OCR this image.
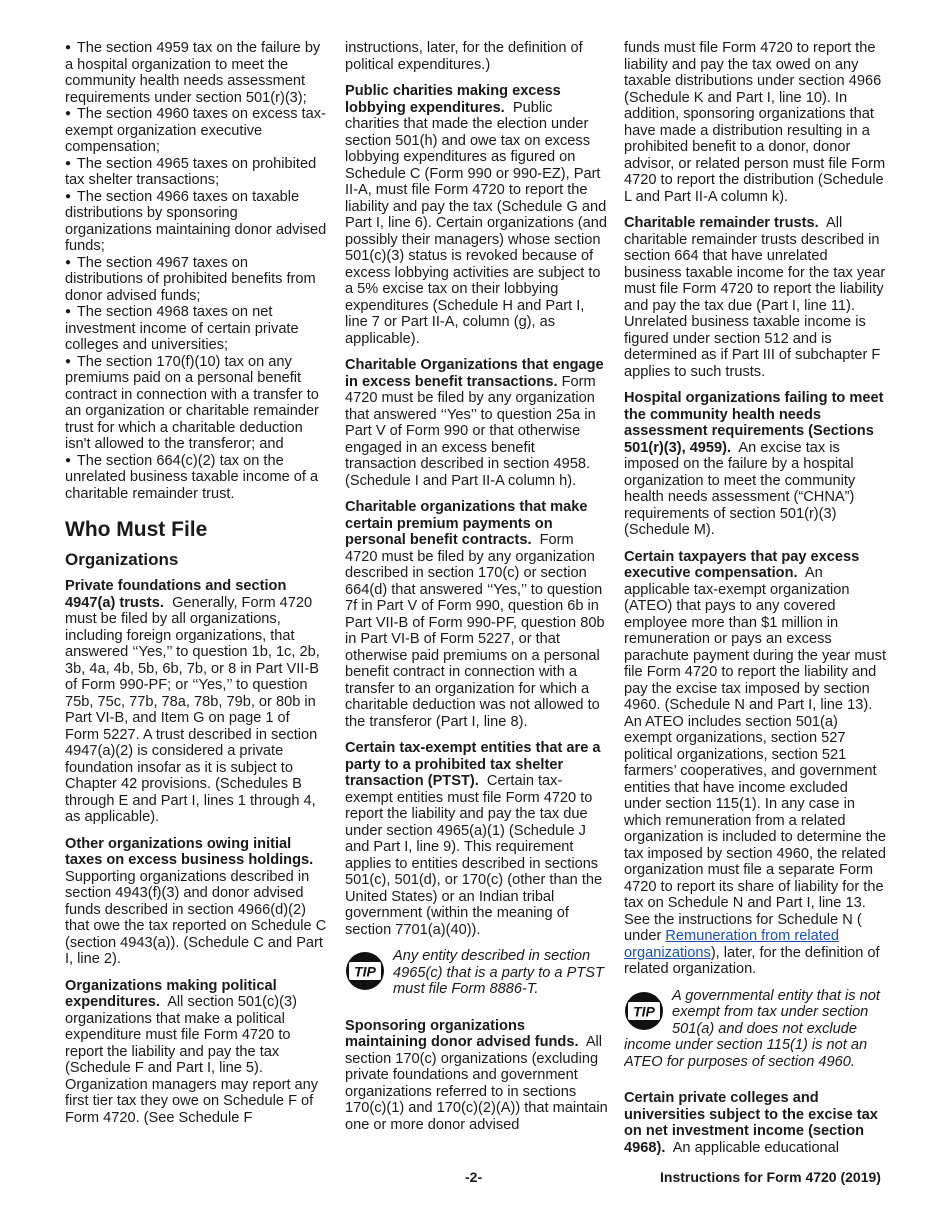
● The section 4959 tax on the failure by a hospital organization to meet the community health needs assessment requirements under section 501(r)(3);

● The section 4960 taxes on excess tax-exempt organization executive compensation;

● The section 4965 taxes on prohibited tax shelter transactions;

● The section 4966 taxes on taxable distributions by sponsoring organizations maintaining donor advised funds;

● The section 4967 taxes on distributions of prohibited benefits from donor advised funds;

● The section 4968 taxes on net investment income of certain private colleges and universities;

● The section 170(f)(10) tax on any premiums paid on a personal benefit contract in connection with a transfer to an organization or charitable remainder trust for which a charitable deduction isn't allowed to the transferor; and

● The section 664(c)(2) tax on the unrelated business taxable income of a charitable remainder trust.

Who Must File
Organizations

Private foundations and section 4947(a) trusts. Generally, Form 4720 must be filed by all organizations, including foreign organizations, that answered ‘‘Yes,’’ to question 1b, 1c, 2b, 3b, 4a, 4b, 5b, 6b, 7b, or 8 in Part VII-B of Form 990-PF; or ‘‘Yes,’’ to question 75b, 75c, 77b, 78a, 78b, 79b, or 80b in Part VI-B, and Item G on page 1 of Form 5227. A trust described in section 4947(a)(2) is considered a private foundation insofar as it is subject to Chapter 42 provisions. (Schedules B through E and Part I, lines 1 through 4, as applicable).

Other organizations owing initial taxes on excess business holdings. Supporting organizations described in section 4943(f)(3) and donor advised funds described in section 4966(d)(2) that owe the tax reported on Schedule C (section 4943(a)). (Schedule C and Part I, line 2).

Organizations making political expenditures. All section 501(c)(3) organizations that make a political expenditure must file Form 4720 to report the liability and pay the tax (Schedule F and Part I, line 5). Organization managers may report any first tier tax they owe on Schedule F of Form 4720. (See Schedule F

instructions, later, for the definition of political expenditures.)

Public charities making excess lobbying expenditures. Public charities that made the election under section 501(h) and owe tax on excess lobbying expenditures as figured on Schedule C (Form 990 or 990-EZ), Part II-A, must file Form 4720 to report the liability and pay the tax (Schedule G and Part I, line 6). Certain organizations (and possibly their managers) whose section 501(c)(3) status is revoked because of excess lobbying activities are subject to a 5% excise tax on their lobbying expenditures (Schedule H and Part I, line 7 or Part II-A, column (g), as applicable).

Charitable Organizations that engage in excess benefit transactions. Form 4720 must be filed by any organization that answered ‘‘Yes’’ to question 25a in Part V of Form 990 or that otherwise engaged in an excess benefit transaction described in section 4958. (Schedule I and Part II-A column h).

Charitable organizations that make certain premium payments on personal benefit contracts. Form 4720 must be filed by any organization described in section 170(c) or section 664(d) that answered ‘‘Yes,’’ to question 7f in Part V of Form 990, question 6b in Part VII-B of Form 990-PF, question 80b in Part VI-B of Form 5227, or that otherwise paid premiums on a personal benefit contract in connection with a transfer to an organization for which a charitable deduction was not allowed to the transferor (Part I, line 8).

Certain tax-exempt entities that are a party to a prohibited tax shelter transaction (PTST). Certain tax-exempt entities must file Form 4720 to report the liability and pay the tax due under section 4965(a)(1) (Schedule J and Part I, line 9). This requirement applies to entities described in sections 501(c), 501(d), or 170(c) (other than the United States) or an Indian tribal government (within the meaning of section 7701(a)(40)).

TIP
Any entity described in section 4965(c) that is a party to a PTST must file Form 8886-T.

Sponsoring organizations maintaining donor advised funds. All section 170(c) organizations (excluding private foundations and government organizations referred to in sections 170(c)(1) and 170(c)(2)(A)) that maintain one or more donor advised

funds must file Form 4720 to report the liability and pay the tax owed on any taxable distributions under section 4966 (Schedule K and Part I, line 10). In addition, sponsoring organizations that have made a distribution resulting in a prohibited benefit to a donor, donor advisor, or related person must file Form 4720 to report the distribution (Schedule L and Part II-A column k).

Charitable remainder trusts. All charitable remainder trusts described in section 664 that have unrelated business taxable income for the tax year must file Form 4720 to report the liability and pay the tax due (Part I, line 11). Unrelated business taxable income is figured under section 512 and is determined as if Part III of subchapter F applies to such trusts.

Hospital organizations failing to meet the community health needs assessment requirements (Sections 501(r)(3), 4959). An excise tax is imposed on the failure by a hospital organization to meet the community health needs assessment (“CHNA”) requirements of section 501(r)(3) (Schedule M).

Certain taxpayers that pay excess executive compensation. An applicable tax-exempt organization (ATEO) that pays to any covered employee more than $1 million in remuneration or pays an excess parachute payment during the year must file Form 4720 to report the liability and pay the excise tax imposed by section 4960. (Schedule N and Part I, line 13). An ATEO includes section 501(a) exempt organizations, section 527 political organizations, section 521 farmers’ cooperatives, and government entities that have income excluded under section 115(1). In any case in which remuneration from a related organization is included to determine the tax imposed by section 4960, the related organization must file a separate Form 4720 to report its share of liability for the tax on Schedule N and Part I, line 13. See the instructions for Schedule N ( under Remuneration from related organizations), later, for the definition of related organization.

TIP
A governmental entity that is not exempt from tax under section 501(a) and does not exclude income under section 115(1) is not an ATEO for purposes of section 4960.

Certain private colleges and universities subject to the excise tax on net investment income (section 4968). An applicable educational

-2-	Instructions for Form 4720 (2019)
